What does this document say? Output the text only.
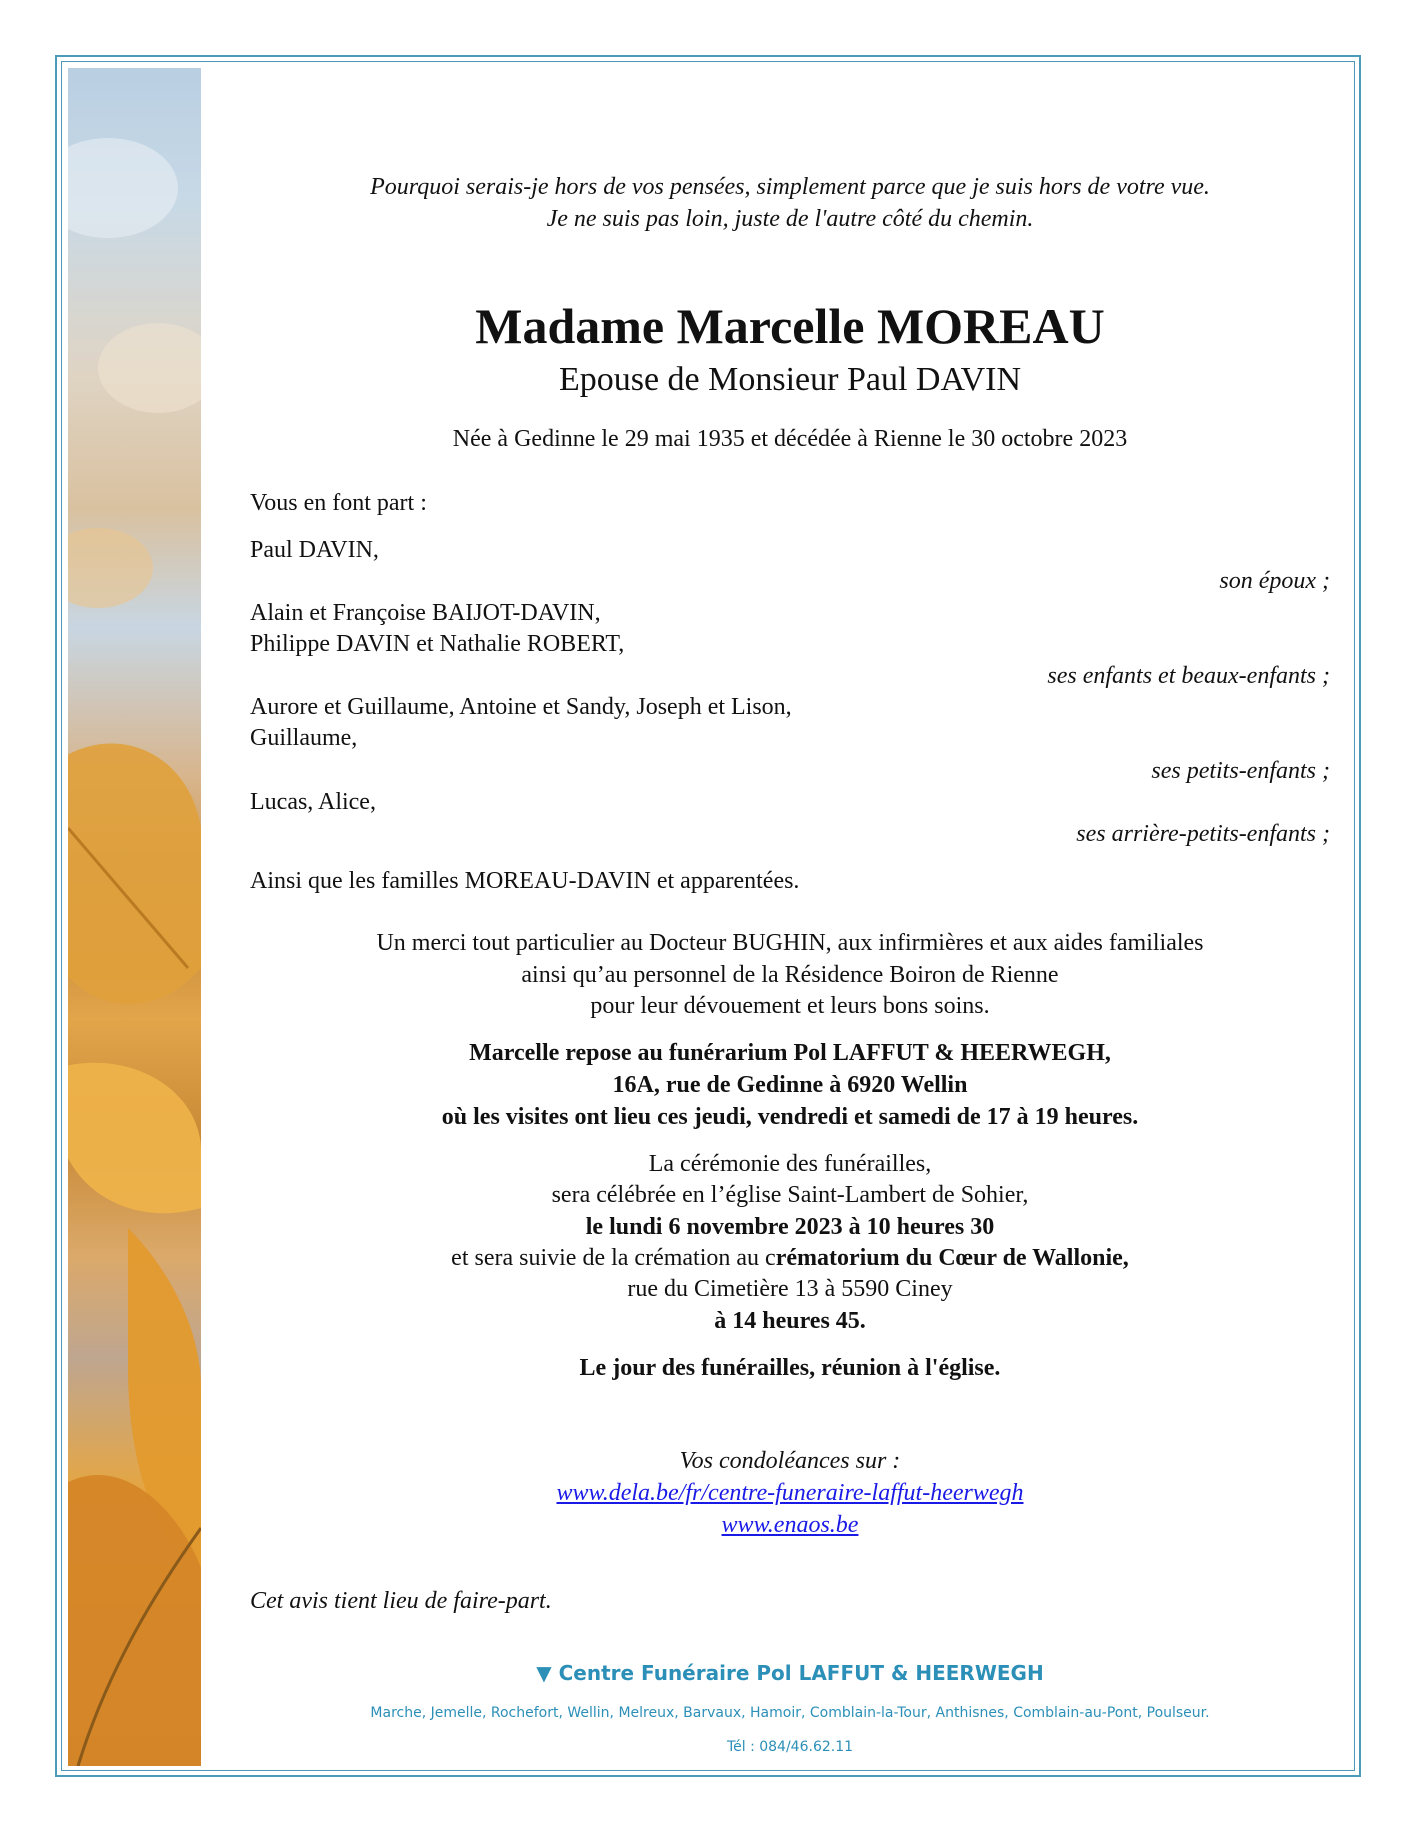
Pourquoi serais-je hors de vos pensées, simplement parce que je suis hors de votre vue.
Je ne suis pas loin, juste de l'autre côté du chemin.
Madame Marcelle MOREAU
Epouse de Monsieur Paul DAVIN
Née à Gedinne le 29 mai 1935 et décédée à Rienne le 30 octobre 2023
Vous en font part :
Paul DAVIN,
son époux ;
Alain et Françoise BAIJOT-DAVIN,
Philippe DAVIN et Nathalie ROBERT,
ses enfants et beaux-enfants ;
Aurore et Guillaume, Antoine et Sandy, Joseph et Lison,
Guillaume,
ses petits-enfants ;
Lucas, Alice,
ses arrière-petits-enfants ;
Ainsi que les familles MOREAU-DAVIN et apparentées.
Un merci tout particulier au Docteur BUGHIN, aux infirmières et aux aides familiales
ainsi qu’au personnel de la Résidence Boiron de Rienne
pour leur dévouement et leurs bons soins.
Marcelle repose au funérarium Pol LAFFUT & HEERWEGH,
16A, rue de Gedinne à 6920 Wellin
où les visites ont lieu ces jeudi, vendredi et samedi de 17 à 19 heures.
La cérémonie des funérailles,
sera célébrée en l’église Saint-Lambert de Sohier,
le lundi 6 novembre 2023 à 10 heures 30
et sera suivie de la crémation au crématorium du Cœur de Wallonie,
rue du Cimetière 13 à 5590 Ciney
à 14 heures 45.
Le jour des funérailles, réunion à l'église.
Vos condoléances sur :
www.dela.be/fr/centre-funeraire-laffut-heerwegh
www.enaos.be
Cet avis tient lieu de faire-part.
▼ Centre Funéraire Pol LAFFUT & HEERWEGH
Marche, Jemelle, Rochefort, Wellin, Melreux, Barvaux, Hamoir, Comblain-la-Tour, Anthisnes, Comblain-au-Pont, Poulseur.
Tél : 084/46.62.11
